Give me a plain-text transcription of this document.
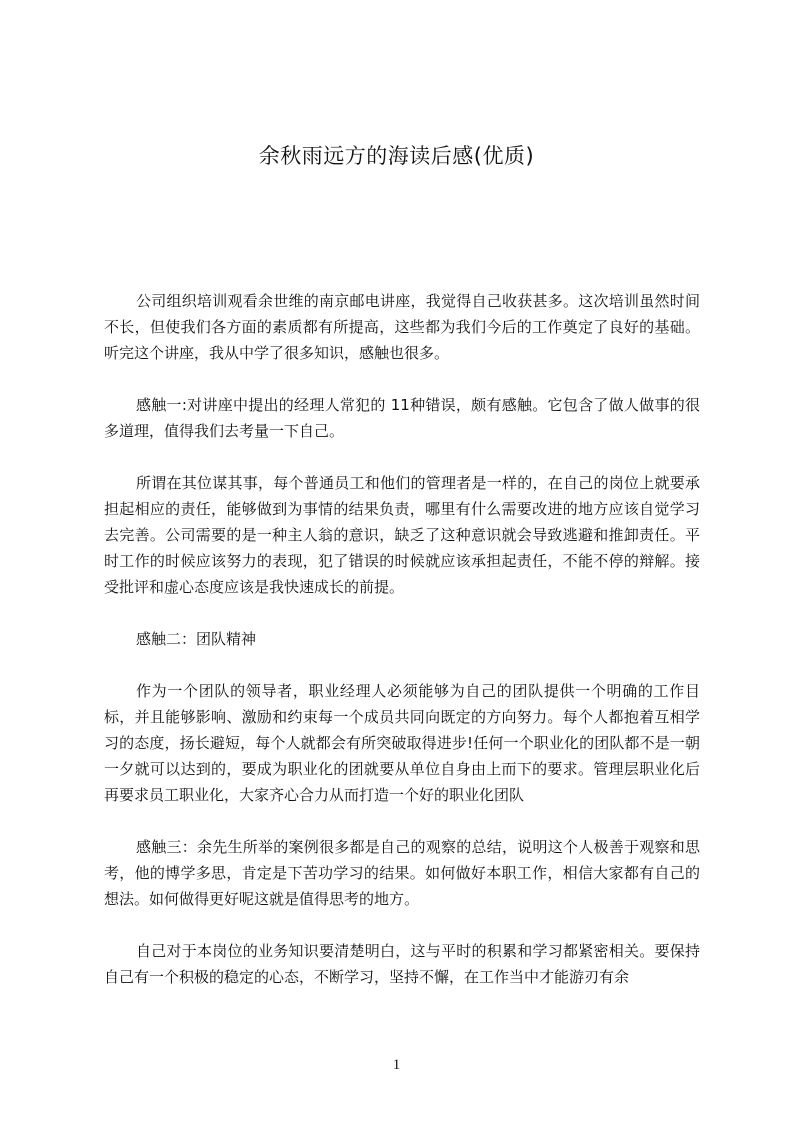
余秋雨远方的海读后感(优质)

公司组织培训观看余世维的南京邮电讲座，我觉得自己收获甚多。这次培训虽然时间不长，但使我们各方面的素质都有所提高，这些都为我们今后的工作奠定了良好的基础。听完这个讲座，我从中学了很多知识，感触也很多。

感触一:对讲座中提出的经理人常犯的 11种错误，颇有感触。它包含了做人做事的很多道理，值得我们去考量一下自己。

所谓在其位谋其事，每个普通员工和他们的管理者是一样的，在自己的岗位上就要承担起相应的责任，能够做到为事情的结果负责，哪里有什么需要改进的地方应该自觉学习去完善。公司需要的是一种主人翁的意识，缺乏了这种意识就会导致逃避和推卸责任。平时工作的时候应该努力的表现，犯了错误的时候就应该承担起责任，不能不停的辩解。接受批评和虚心态度应该是我快速成长的前提。

感触二：团队精神

作为一个团队的领导者，职业经理人必须能够为自己的团队提供一个明确的工作目标，并且能够影响、激励和约束每一个成员共同向既定的方向努力。每个人都抱着互相学习的态度，扬长避短，每个人就都会有所突破取得进步!任何一个职业化的团队都不是一朝一夕就可以达到的，要成为职业化的团就要从单位自身由上而下的要求。管理层职业化后再要求员工职业化，大家齐心合力从而打造一个好的职业化团队

感触三：余先生所举的案例很多都是自己的观察的总结，说明这个人极善于观察和思考，他的博学多思，肯定是下苦功学习的结果。如何做好本职工作，相信大家都有自己的想法。如何做得更好呢这就是值得思考的地方。

自己对于本岗位的业务知识要清楚明白，这与平时的积累和学习都紧密相关。要保持自己有一个积极的稳定的心态，不断学习，坚持不懈，在工作当中才能游刃有余

1
